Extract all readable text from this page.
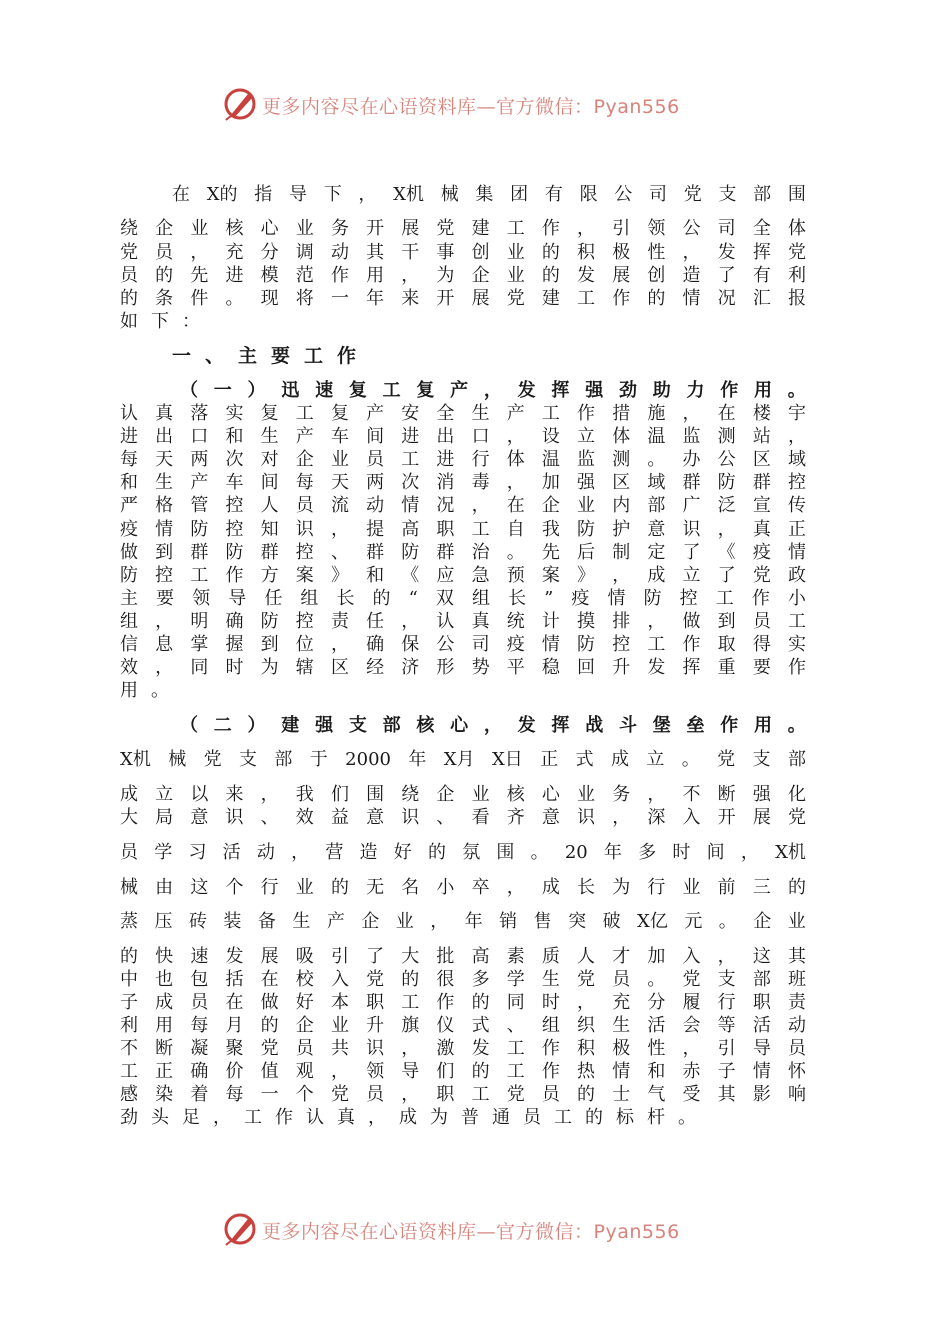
更多内容尽在心语资料库—官方微信：Pyan556
在 X的 指 导 下 ， X机 械 集 团 有 限 公 司 党 支 部 围
绕 企 业 核 心 业 务 开 展 党 建 工 作 ， 引 领 公 司 全 体
党 员 ， 充 分 调 动 其 干 事 创 业 的 积 极 性 ， 发 挥 党
员 的 先 进 模 范 作 用 ， 为 企 业 的 发 展 创 造 了 有 利
的 条 件 。 现 将 一 年 来 开 展 党 建 工 作 的 情 况 汇 报
如 下 ：
一、主要工作
（ 一 ） 迅 速 复 工 复 产 ， 发 挥 强 劲 助 力 作 用 。
认 真 落 实 复 工 复 产 安 全 生 产 工 作 措 施 ， 在 楼 宇
进 出 口 和 生 产 车 间 进 出 口 ， 设 立 体 温 监 测 站 ，
每 天 两 次 对 企 业 员 工 进 行 体 温 监 测 。 办 公 区 域
和 生 产 车 间 每 天 两 次 消 毒 ， 加 强 区 域 群 防 群 控
严 格 管 控 人 员 流 动 情 况 ， 在 企 业 内 部 广 泛 宣 传
疫 情 防 控 知 识 ， 提 高 职 工 自 我 防 护 意 识 ， 真 正
做 到 群 防 群 控 、 群 防 群 治 。 先 后 制 定 了 《 疫 情
防 控 工 作 方 案 》 和 《 应 急 预 案 》 ， 成 立 了 党 政
主 要 领 导 任 组 长 的 “ 双 组 长 ” 疫 情 防 控 工 作 小
组 ， 明 确 防 控 责 任 ， 认 真 统 计 摸 排 ， 做 到 员 工
信 息 掌 握 到 位 ， 确 保 公 司 疫 情 防 控 工 作 取 得 实
效 ， 同 时 为 辖 区 经 济 形 势 平 稳 回 升 发 挥 重 要 作
用 。
（ 二 ） 建 强 支 部 核 心 ， 发 挥 战 斗 堡 垒 作 用 。
X机 械 党 支 部 于 2000 年 X月 X日 正 式 成 立 。 党 支 部
成 立 以 来 ， 我 们 围 绕 企 业 核 心 业 务 ， 不 断 强 化
大 局 意 识 、 效 益 意 识 、 看 齐 意 识 ， 深 入 开 展 党
员 学 习 活 动 ， 营 造 好 的 氛 围 。 20 年 多 时 间 ， X机
械 由 这 个 行 业 的 无 名 小 卒 ， 成 长 为 行 业 前 三 的
蒸 压 砖 装 备 生 产 企 业 ， 年 销 售 突 破 X亿 元 。 企 业
的 快 速 发 展 吸 引 了 大 批 高 素 质 人 才 加 入 ， 这 其
中 也 包 括 在 校 入 党 的 很 多 学 生 党 员 。 党 支 部 班
子 成 员 在 做 好 本 职 工 作 的 同 时 ， 充 分 履 行 职 责
利 用 每 月 的 企 业 升 旗 仪 式 、 组 织 生 活 会 等 活 动
不 断 凝 聚 党 员 共 识 ， 激 发 工 作 积 极 性 ， 引 导 员
工 正 确 价 值 观 ， 领 导 们 的 工 作 热 情 和 赤 子 情 怀
感 染 着 每 一 个 党 员 ， 职 工 党 员 的 士 气 受 其 影 响
劲 头 足 ， 工 作 认 真 ， 成 为 普 通 员 工 的 标 杆 。
更多内容尽在心语资料库—官方微信：Pyan556
